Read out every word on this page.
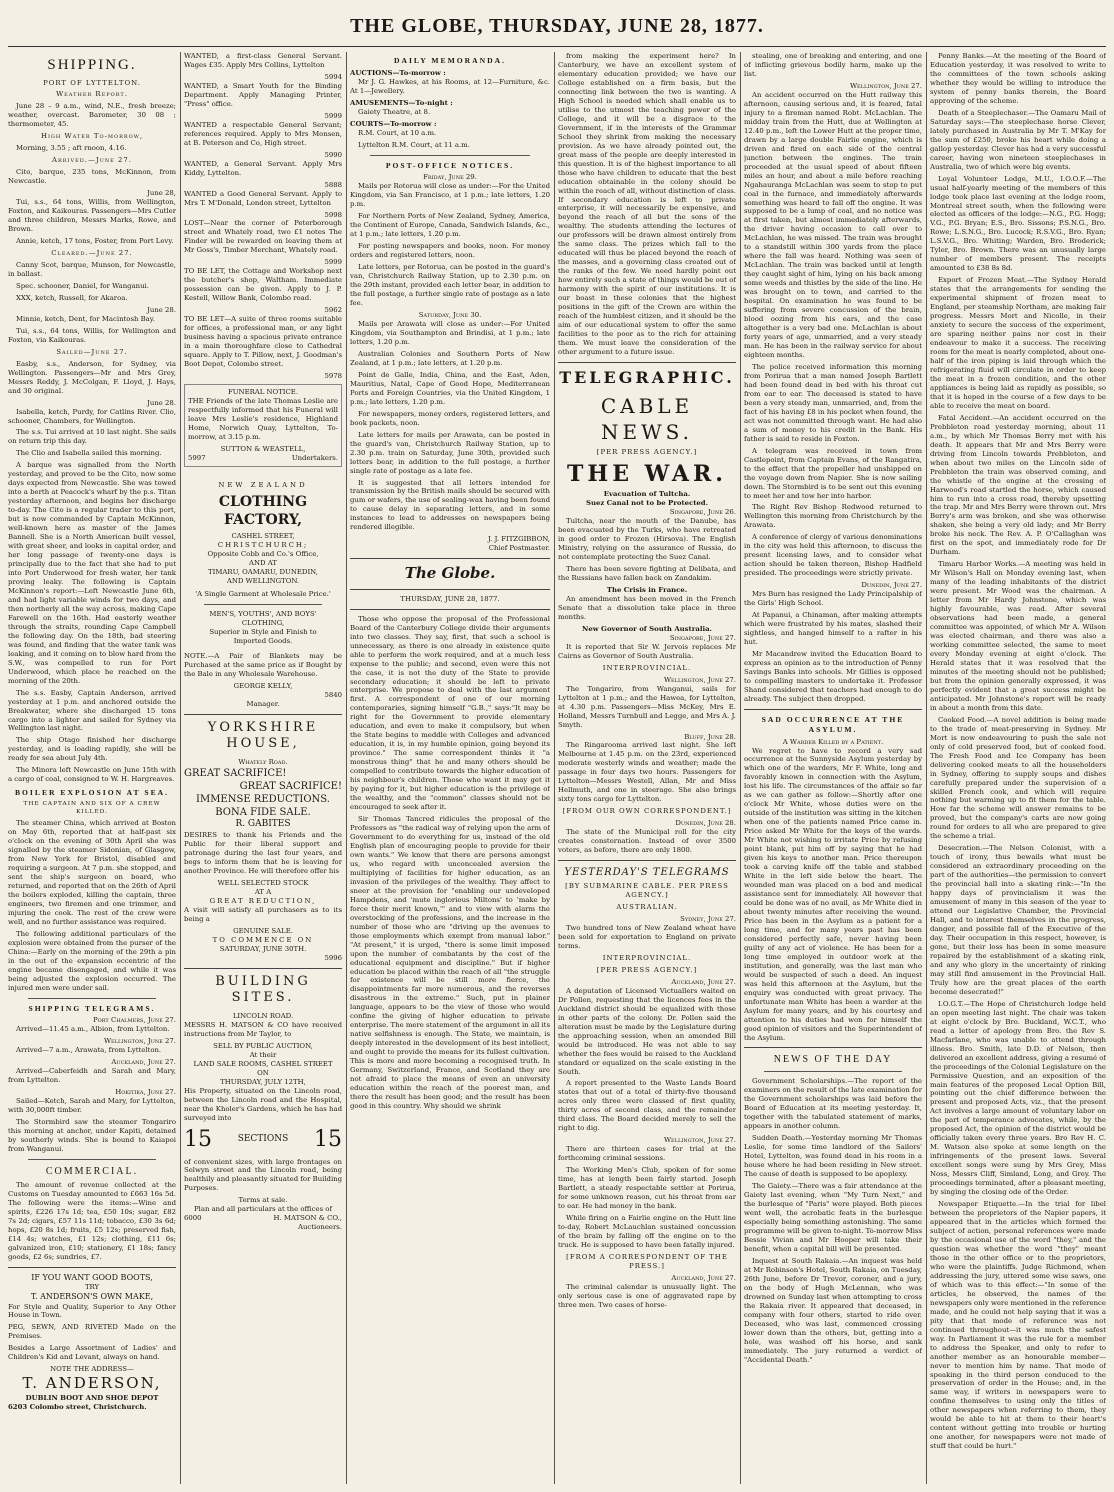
THE GLOBE, THURSDAY, JUNE 28, 1877.
SHIPPING.
PORT OF LYTTELTON.
Weather Report.

June 28 – 9 a.m., wind, N.E., fresh breeze; weather, overcast. Barometer, 30 08 ; thermometer, 45.

High Water To-morrow,

Morning, 3.55 ; aft rnoon, 4.16.

Arrived.—June 27.

Cito, barque, 235 tons, McKinnon, from Newcastle.

June 28,

Tui, s.s., 64 tons, Willis, from Wellington, Foxton, and Kaikouras. Passengers—Mrs Cutler and three children, Messrs Marks, Rowe, and Brown.

Annie, ketch, 17 tons, Foster, from Port Levy.

Cleared.—June 27.

Canny Scot, barque, Munson, for Newcastle, in ballast.

Spec. schooner, Daniel, for Wanganui.

XXX, ketch, Russell, for Akaroa.

June 28.

Minnie, ketch, Dent, for Macintosh Bay.

Tui, s.s., 64 tons, Willis, for Wellington and Foxton, via Kaikouras.

Sailed—June 27.

Easby, s.s., Anderson, for Sydney, via Wellington. Passengers—Mr and Mrs Grey, Messrs Reddy, J. McColgan, F. Lloyd, J. Hays, and 30 original.

June 28.

Isabella, ketch, Purdy, for Catlins River. Clio, schooner, Chambers, for Wellington.

The s.s. Tui arrived at 10 last night. She sails on return trip this day.

The Clio and Isabella sailed this morning.

A barque was signalled from the North yesterday, and proved to be the Cito, now some days expected from Newcastle. She was towed into a berth at Peacock's wharf by the p.s. Titan yesterday afternoon, and begins her discharge to-day. The Cito is a regular trader to this port, but is now commanded by Captain McKinnon, well-known here as master of the James Bannell. She is a North American built vessel, with great sheer, and looks in capital order, and her long passage of twenty-one days is principally due to the fact that she had to put into Port Underwood for fresh water, her tank proving leaky. The following is Captain McKinnon's report:—Left Newcastle June 6th, and had light variable winds for two days, and then northerly all the way across, making Cape Farewell on the 16th. Had easterly weather through the straits, rounding Cape Campbell the following day. On the 18th, bad steering was found, and finding that the water tank was leaking, and it coming on to blow hard from the S.W., was compelled to run for Port Underwood, which place he reached on the morning of the 20th.

The s.s. Easby, Captain Anderson, arrived yesterday at 1 p.m. and anchored outside the Breakwater, where she discharged 15 tons cargo into a lighter and sailed for Sydney via Wellington last night.

The ship Otago finished her discharge yesterday, and is loading rapidly, she will be ready for sea about July 4th.

The Minora left Newcastle on June 15th with a cargo of coal, consigned to W. H. Hargreaves.

BOILER EXPLOSION AT SEA.
THE CAPTAIN AND SIX OF A CREW KILLED.

The steamer China, which arrived at Boston on May 6th, reported that at half-past six o'clock on the evening of 30th April she was signalled by the steamer Sidonian, of Glasgow, from New York for Bristol, disabled and requiring a surgeon. At 7 p.m. she stopped, and sent the ship's surgeon on board, who returned, and reported that on the 26th of April the boilers exploded, killing the captain, three engineers, two firemen and one trimmer, and injuring the cook. The rest of the crew were well, and no further assistance was required.

The following additional particulars of the explosion were obtained from the purser of the China:—Early on the morning of the 29th a pin in the out of the expansion eccentric of the engine became disengaged, and while it was being adjusted the explosion occurred. The injured men were under sail.

SHIPPING TELEGRAMS.
Port Chalmers, June 27.

Arrived—11.45 a.m., Albion, from Lyttelton.

Wellington, June 27.

Arrived—7 a.m., Arawata, from Lyttelton.

Auckland, June 27.

Arrived—Caberfeidh and Sarah and Mary, from Lyttelton.

Hokitika, June 27.

Sailed—Ketch, Sarah and Mary, for Lyttelton, with 30,000ft timber.

The Stormbird saw the steamer Tongariro this morning at anchor, under Kapiti, detained by southerly winds. She is bound to Kaiapoi from Wanganui.

COMMERCIAL.

The amount of revenue collected at the Customs on Tuesday amounted to £663 16s 5d. The following were the items:—Wine and spirits, £226 17s 1d; tea, £50 10s; sugar, £82 7s 2d; cigars, £57 11s 11d; tobacco, £30 3s 6d; hops, £20 8s 1d; fruits, £5 12s; preserved fish, £14 4s; watches, £1 12s; clothing, £11 6s; galvanized iron, £10; stationery, £1 18s; fancy goods, £2 6s; sundries, £7.

IF YOU WANT GOOD BOOTS,
TRY
T. ANDERSON'S OWN MAKE,

For Style and Quality, Superior to Any Other House in Town.

PEG, SEWN, AND RIVETED Made on the Premises.

Besides a Large Assortment of Ladies' and Children's Kid and Levant, always on hand.

NOTE THE ADDRESS—
T. ANDERSON,
DUBLIN BOOT AND SHOE DEPOT
6203 Colombo street, Christchurch.

WANTED, a first-class General Servant. Wages £35. Apply Mrs Collins, Lyttelton

5994

WANTED, a Smart Youth for the Binding Department. Apply Managing Printer, "Press" office.

5999

WANTED a respectable General Servant; references required. Apply to Mrs Monsen, at B. Peterson and Co, High street.

5990

WANTED, a General Servant. Apply Mrs Kiddy, Lyttelton.

5888

WANTED a Good General Servant. Apply to Mrs T. M'Donald, London street, Lyttelton

5998

LOST—Near the corner of Peterborough street and Whately road, two £1 notes The Finder will be rewarded on leaving them at Mr Goss's, Timber Merchant, Whately road.

5999

TO BE LET, the Cottage and Workshop next the butcher's shop, Waltham. Immediate possession can be given. Apply to J. P. Kestell, Willow Bank, Colombo road.

5962

TO BE LET—A suite of three rooms suitable for offices, a professional man, or any light business having a spacious private entrance in a main thoroughfare close to Cathedral square. Apply to T. Pillow, next, J. Goodman's Boot Depot, Colombo street.

5978
FUNERAL NOTICE.

THE Friends of the late Thomas Leslie are respectfully informed that his Funeral will leave Mrs Leslie's residence, Highland Home, Norwich Quay, Lyttelton, To-morrow, at 3.15 p.m.

SUTTON & WEASTELL,
5997	Undertakers.
NEW ZEALAND
CLOTHING FACTORY,
CASHEL STREET,
CHRISTCHURCH;
Opposite Cobb and Co.'s Office,
AND AT
TIMARU, OAMARU, DUNEDIN,
AND WELLINGTON.
'A Single Garment at Wholesale Price.'
MEN'S, YOUTHS', AND BOYS'
CLOTHING,
Superior in Style and Finish to
Imported Goods.

NOTE.—A Pair of Blankets may be Purchased at the same price as if Bought by the Bale in any Wholesale Warehouse.

GEORGE KELLY,
5840
Manager.
YORKSHIRE HOUSE,
Whately Road.
GREAT SACRIFICE!
GREAT SACRIFICE!
IMMENSE REDUCTIONS.
BONA FIDE SALE.
R. GABITES

DESIRES to thank his Friends and the Public for their liberal support and patronage during the last four years, and begs to inform them that he is leaving for another Province. He will therefore offer his

WELL SELECTED STOCK
AT A
GREAT REDUCTION,

A visit will satisfy all purchasers as to its being a

GENUINE SALE.
TO COMMENCE ON
SATURDAY, JUNE 30TH.
5996
BUILDING SITES.
LINCOLN ROAD.

MESSRS H. MATSON & CO have received instructions from Mr Taylor, to

SELL BY PUBLIC AUCTION,
At their
LAND SALE ROOMS, CASHEL STREET
ON
THURSDAY, JULY 12TH,

His Property, situated on the Lincoln road, between the Lincoln road and the Hospital, near the Kholer's Gardens, which he has had surveyed into

15	SECTIONS 15

of convenient sizes, with large frontages on Selwyn street and the Lincoln road, being healthily and pleasantly situated for Building Purposes.

Terms at sale.
Plan and all particulars at the offices of
6000	H. MATSON & CO.,
Auctioneers.
DAILY MEMORANDA.
AUCTIONS—To-morrow :

Mr J. G. Hawkes, at his Rooms, at 12—Furniture, &c. At 1—Jewellery.

AMUSEMENTS—To-night :

Gaiety Theatre, at 8.

COURTS—To-morrow :

R.M. Court, at 10 a.m.

Lyttelton R.M. Court, at 11 a.m.

POST-OFFICE NOTICES.
Friday, June 29.

Mails per Rotorua will close as under:—For the United Kingdom, via San Francisco, at 1 p.m.; late letters, 1.20 p.m.

For Northern Ports of New Zealand, Sydney, America, the Continent of Europe, Canada, Sandwich Islands, &c., at 1 p.m.; late letters, 1.20 p.m.

For posting newspapers and books, noon. For money orders and registered letters, noon.

Late letters, per Rotorua, can be posted in the guard's van, Christchurch Railway Station, up to 2.30 p.m. on the 29th instant, provided each letter bear, in addition to the full postage, a further single rate of postage as a late fee.

Saturday, June 30.

Mails per Arawata will close as under:—For United Kingdom, via Southampton and Brindisi, at 1 p.m.; late letters, 1.20 p.m.

Australian Colonies and Southern Ports of New Zealand, at 1 p.m.; late letters, at 1.20 p.m.

Point de Galle, India, China, and the East, Aden, Mauritius, Natal, Cape of Good Hope, Mediterranean Ports and Foreign Countries, via the United Kingdom, 1 p.m.; late letters, 1.20 p.m.

For newspapers, money orders, registered letters, and book packets, noon.

Late letters for mails per Arawata, can be posted in the guard's van, Christchurch Railway Station, up to 2.30 p.m. train on Saturday, June 30th, provided such letters bear, in addition to the full postage, a further single rate of postage as a late fee.

It is suggested that all letters intended for transmission by the British mails should be secured with gum or wafers, the use of sealing-wax having been found to cause delay in separating letters, and in some instances to lead to addresses on newspapers being rendered illegible.

J. J. FITZGIBBON,
Chief Postmaster.
The Globe.
THURSDAY, JUNE 28, 1877.

Those who oppose the proposal of the Professional Board of the Canterbury College divide their arguments into two classes. They say, first, that such a school is unnecessary, as there is one already in existence quite able to perform the work required, and at a much less expense to the public; and second, even were this not the case, it is not the duty of the State to provide secondary education; it should be left to private enterprise. We propose to deal with the last argument first. A correspondent of one of our morning contemporaries, signing himself "G.B.," says:"It may be right for the Government to provide elementary education, and even to make it compulsory, but when the State begins to meddle with Colleges and advanced education, it is, in my humble opinion, going beyond its province." The same correspondent thinks it "a monstrous thing" that he and many others should be compelled to contribute towards the higher education of his neighbour's children. Those who want it may get it by paying for it, but higher education is the privilege of the wealthy, and the "common" classes should not be encouraged to seek after it.

Sir Thomas Tancred ridicules the proposal of the Professors as "the radical way of relying upon the arm of Government to do everything for us, instead of the old English plan of encouraging people to provide for their own wants." We know that there are persons amongst us, who regard with unconcealed aversion the multiplying of facilities for higher education, as an invasion of the privileges of the wealthy. They affect to sneer at the provision for "enabling our undeveloped Hampdens, and 'mute inglorious Miltons' to 'make by force their merit known,'" and to view with alarm the overstocking of the professions, and the increase in the number of those who are "driving up the avenues to those employments which exempt from manual labor." "At present," it is urged, "there is some limit imposed upon the number of combatants by the cost of the educational equipment and discipline." But if higher education be placed within the reach of all "the struggle for existence will be still more fierce, the disappointments far more numerous, and the reverses disastrous in the extreme." Such, put in plainer language, appears to be the view of those who would confine the giving of higher education to private enterprise. The mere statement of the argument in all its native selfishness is enough. The State, we maintain, is deeply interested in the development of its best intellect, and ought to provide the means for its fullest cultivation. This is more and more becoming a recognised truth. In Germany, Switzerland, France, and Scotland they are not afraid to place the means of even an university education within the reach of the poorest man, and there the result has been good; and the result has been good in this country. Why should we shrink

from making the experiment here? In Canterbury, we have an excellent system of elementary education provided; we have our College established on a firm basis, but the connecting link between the two is wanting. A High School is needed which shall enable us to utilise to the utmost the teaching power of the College, and it will be a disgrace to the Government, if in the interests of the Grammar School they shrink from making the necessary provision. As we have already pointed out, the great mass of the people are deeply interested in this question. It is of the highest importance to all those who have children to educate that the best education obtainable in the colony should be within the reach of all, without distinction of class. If secondary education is left to private enterprise, it will necessarily be expensive, and beyond the reach of all but the sons of the wealthy. The students attending the lectures of our professors will be drawn almost entirely from the same class. The prizes which fall to the educated will thus be placed beyond the reach of the masses, and a governing class created out of the ranks of the few. We need hardly point out how entirely such a state of things would be out of harmony with the spirit of our institutions. It is our boast in these colonies that the highest positions in the gift of the Crown are within the reach of the humblest citizen, and it should be the aim of our educational system to offer the same facilities to the poor as to the rich for attaining them. We must leave the consideration of the other argument to a future issue.

TELEGRAPHIC.
CABLE NEWS.
[PER PRESS AGENCY.]
THE WAR.
Evacuation of Tultcha.
Suez Canal not to be Protected.
Singapore, June 26.

Tultcha, near the mouth of the Danube, has been evacuated by the Turks, who have retreated in good order to Frozen (Hirsova). The English Ministry, relying on the assurance of Russia, do not contemplate protecting the Suez Canal.

There has been severe fighting at Delibata, and the Russians have fallen back on Zandakim.

The Crisis in France.

An amendment has been moved in the French Senate that a dissolution take place in three months.

New Governor of South Australia.
Singapore, June 27.

It is reported that Sir W. Jervois replaces Mr Cairns as Governor of South Australia.

INTERPROVINCIAL.
Wellington, June 27.

The Tongariro, from Wanganui, sails for Lyttelton at 1 p.m.; and the Hawea, for Lyttelton, at 4.30 p.m. Passengers—Miss McKey, Mrs E. Holland, Messrs Turnbull and Legge, and Mrs A. J. Smyth.

Bluff, June 28.

The Ringarooma arrived last night. She left Melbourne at 1.45 p.m. on the 23rd, experienced moderate westerly winds and weather; made the passage in four days two hours. Passengers for Lyttelton—Messrs Westell, Allan, Mr and Miss Hellmuth, and one in steerage. She also brings sixty tons cargo for Lyttelton.

[FROM OUR OWN CORRESPONDENT.]
Dunedin, June 28.

The state of the Municipal roll for the city creates consternation. Instead of over 3500 voters, as before, there are only 1800.

YESTERDAY'S TELEGRAMS
[BY SUBMARINE CABLE. PER PRESS AGENCY.]
AUSTRALIAN.
Sydney, June 27.

Two hundred tons of New Zealand wheat have been sold for exportation to England on private terms.

INTERPROVINCIAL.
[PER PRESS AGENCY.]
Auckland, June 27.

A deputation of Licensed Victuallers waited on Dr Pollen, requesting that the licences fees in the Auckland district should be equalized with those in other parts of the colony. Dr. Pollen said the alteration must be made by the Legislature during the approaching session, when an amended Bill would be introduced. He was not able to say whether the fees would be raised to the Auckland standard or equalized on the scale existing in the South.

A report presented to the Waste Lands Board states that out of a total of thirty-five thousand acres only three were classed of first quality, thirty acres of second class, and the remainder third class. The Board decided merely to sell the right to dig.

Wellington, June 27.

There are thirteen cases for trial at the forthcoming criminal sessions.

The Working Men's Club, spoken of for some time, has at length been fairly started. Joseph Bartlett, a steady respectable settler at Porirua, for some unknown reason, cut his throat from ear to ear. He had money in the bank.

While firing on a Fairlie engine on the Hutt line to-day, Robert McLauchlan sustained concussion of the brain by falling off the engine on to the truck. He is supposed to have been fatally injured.

[FROM A CORRESPONDENT OF THE PRESS.]
Auckland, June 27.

The criminal calendar is unusually light. The only serious case is one of aggravated rape by three men. Two cases of horse-

stealing, one of breaking and entering, and one of inflicting grievous bodily harm, make up the list.

Wellington, June 27.

An accident occurred on the Hutt railway this afternoon, causing serious and, it is feared, fatal injury to a fireman named Robt. McLachlan. The midday train from the Hutt, due at Wellington at 12.40 p.m., left the Lower Hutt at the proper time, drawn by a large double Fairlie engine, which is driven and fired on each side of the central junction between the engines. The train proceeded at the usual speed of about fifteen miles an hour, and about a mile before reaching Ngahauranga McLachlan was seem to stop to put coal in the furnace, and immediately afterwards something was heard to fall off the engine. It was supposed to be a lump of coal, and no notice was at first taken, but almost immediately afterwards, the driver having occasion to call over to McLachlan, he was missed. The train was brought to a standstill within 300 yards from the place where the fall was heard. Nothing was seen of McLachlan. The train was backed until at length they caught sight of him, lying on his back among some weeds and thistles by the side of the line. He was brought on to town, and carried to the hospital. On examination he was found to be suffering from severe concussion of the brain, blood oozing from his ears, and the case altogether is a very bad one. McLachlan is about forty years of age, unmarried, and a very steady man. He has been in the railway service for about eighteen months.

The police received information this morning from Porirua that a man named Joseph Bartlett had been found dead in bed with his throat cut from ear to ear. The deceased is stated to have been a very steady man, unmarried, and, from the fact of his having £8 in his pocket when found, the act was not committed through want. He had also a sum of money to his credit in the Bank. His father is said to reside in Foxton.

A telegram was received in town from Castlepoint, from Captain Evans, of the Rangatira, to the effect that the propeller had unshipped on the voyage down from Napier. She is now sailing down. The Stormbird is to be sent out this evening to meet her and tow her into harbor.

The Right Rev Bishop Redwood returned to Wellington this morning from Christchurch by the Arawata.

A conference of clergy of various denominations in the city was held this afternoon, to discuss the present licensing laws, and to consider what action should be taken thereon, Bishop Hadfield presided. The proceedings were strictly private.

Dunedin, June 27.

Mrs Burn has resigned the Lady Principalship of the Girls' High School.

At Papanui, a Chinaman, after making attempts which were frustrated by his mates, slashed their sightless, and hanged himself to a rafter in his hut.

Mr Macandrew invited the Education Board to express an opinion as to the introduction of Penny Savings Banks into schools. Mr Gillies is opposed to compelling masters to undertake it. Professor Shand considered that teachers had enough to do already. The subject then dropped.

SAD OCCURRENCE AT THE ASYLUM.
A Warder Killed by a Patient.

We regret to have to record a very sad occurrence at the Sunnyside Asylum yesterday by which one of the warders, Mr F. White, long and favorably known in connection with the Asylum, lost his life. The circumstances of the affair so far as we can gather as follow:—Shortly after one o'clock Mr White, whose duties were on the outside of the institution was sitting in the kitchen when one of the patients named Price came in. Price asked Mr White for the keys of the wards. Mr White not wishing to irritate Price by refusing point blank, put him off by saying that he had given his keys to another man. Price thereupon took a carving knife off the table and stabbed White in the left side below the heart. The wounded man was placed on a bed and medical assistance sent for immediately. All however that could be done was of no avail, as Mr White died in about twenty minutes after receiving the wound. Price has been in the Asylum as a patient for a long time, and for many years past has been considered perfectly safe, never having been guilty of any act of violence. He has been for a long time employed in outdoor work at the institution, and generally, was the last man who would be suspected of such a deed. An inquest was held this afternoon at the Asylum, but the enquiry was conducted with great privacy. The unfortunate man White has been a warder at the Asylum for many years, and by his courtesy and attention to his duties had won for himself the good opinion of visitors and the Superintendent of the Asylum.

NEWS OF THE DAY

Government Scholarships.—The report of the examiners on the result of the late examination for the Government scholarships was laid before the Board of Education at its meeting yesterday. It, together with the tabulated statement of marks, appears in another column.

Sudden Death.—Yesterday morning Mr Thomas Leslie, for some time landlord of the Sailors' Hotel, Lyttelton, was found dead in his room in a house where he had been residing in New street. The cause of death is supposed to be apoplexy.

The Gaiety.—There was a fair attendance at the Gaiety last evening, when "My Turn Next," and the burlesque of "Paris" were played. Both pieces went well, the acrobatic feats in the burlesque especially being something astonishing. The same programme will be given to-night. To-morrow Miss Bessie Vivian and Mr Hooper will take their benefit, when a capital bill will be presented.

Inquest at South Rakaia.—An inquest was held at Mr Robinson's Hotel, South Rakaia, on Tuesday, 26th June, before Dr Trevor, coroner, and a jury, on the body of Hugh McLennan, who was drowned on Sunday last when attempting to cross the Rakaia river. It appeared that deceased, in company with four others, started to ride over. Deceased, who was last, commenced crossing lower down than the others, but, getting into a hole, was washed off his horse, and sank immediately. The jury returned a verdict of "Accidental Death."

Penny Banks.—At the meeting of the Board of Education yesterday, it was resolved to write to the committees of the town schools asking whether they would be willing to introduce the system of penny banks therein, the Board approving of the scheme.

Death of a Steeplechaser.—The Oamaru Mail of Saturday says:—The steeplechase horse Clever, lately purchased in Australia by Mr T. M'Kay for the sum of £250, broke his heart while doing a gallop yesterday. Clever has had a very successful career, having won nineteen steeplechases in Australia, two of which were big events.

Loyal Volunteer Lodge, M.U., I.O.O.F.—The usual half-yearly meeting of the members of this lodge took place last evening at the lodge room, Montreal street south, when the following were elected as officers of the lodge:—N.G., P.G. Hogg; V.G., P.G. Bryan; E.S., Bro. Sissons; P.S.N.G., Bro. Rowe; L.S.N.G., Bro. Lucock; R.S.V.G., Bro. Ryan; L.S.V.G., Bro. Whiting; Warden, Bro. Broderick; Tyler, Bro. Brown. There was an unusually large number of members present. The receipts amounted to £38 8s 8d.

Export of Frozen Meat.—The Sydney Herald states that the arrangements for sending the experimental shipment of frozen meat to England, per steamship Northam, are making fair progress. Messrs Mort and Nicolle, in their anxiety to secure the success of the experiment, are sparing neither pains nor cost in their endeavour to make it a success. The receiving room for the meat is nearly completed, about one-half of the iron piping is laid through which the refrigerating fluid will circulate in order to keep the meat in a frozen condition, and the other appliances is being laid as rapidly as possible, so that it is hoped in the course of a few days to be able to receive the meat on board.

Fatal Accident.—An accident occurred on the Prebbleton road yesterday morning, about 11 a.m., by which Mr Thomas Berry met with his death. It appears that Mr and Mrs Berry were driving from Lincoln towards Prebbleton, and when about two miles on the Lincoln side of Prebbleton the train was observed coming, and the whistle of the engine at the crossing of Harwood's road startled the horse, which caused him to run into a cross road, thereby upsetting the trap. Mr and Mrs Berry were thrown out. Mrs Berry's arm was broken, and she was otherwise shaken, she being a very old lady; and Mr Berry broke his neck. The Rev. A. P. O'Callaghan was first on the spot, and immediately rode for Dr Durham.

Timaru Harbor Works.—A meeting was held in Mr Wilson's Hall on Monday evening last, when many of the leading inhabitants of the district were present. Mr Wood was the chairman. A letter from Mr Hardy Johnstone, which was highly favourable, was read. After several observations had been made, a general committee was appointed, of which Mr A. Wilson was elected chairman, and there was also a working committee selected, the same to meet every Monday evening at eight o'clock. The Herald states that it was resolved that the minutes of the meeting should not be published; but from the opinion generally expressed, it was perfectly evident that a great success might be anticipated. Mr Johnstone's report will be ready in about a month from this date.

Cooked Food.—A novel addition is being made to the trade of meat-preserving in Sydney. Mr Mort is now endeavouring to push the sale not only of cold preserved food, but of cooked food. The Fresh Food and Ice Company has been delivering cooked meats to all the householders in Sydney, offering to supply soups and dishes carefully prepared under the supervision of a skilled French cook, and which will require nothing but warming up to fit them for the table. How far the scheme will answer remains to be proved, but the company's carts are now going round for orders to all who are prepared to give the scheme a trial.

Desecration.—The Nelson Colonist, with a touch of irony, thus bewails what must be considered an extraordinary proceeding on the part of the authorities—the permission to convert the provincial hall into a skating rink:—"In the happy days of provincialism it was the amusement of many in this season of the year to attend our Legislative Chamber, the Provincial Hall, and to interest themselves in the progress, danger, and possible fall of the Executive of the day. Their occupation in this respect, however, is gone, but their loss has been in some measure repaired by the establishment of a skating rink, and any who glory in the uncertainty of rinking may still find amusement in the Provincial Hall. Truly how are the great places of the earth become desecrated!"

I.O.G.T.—The Hope of Christchurch lodge held an open meeting last night. The chair was taken at eight o'clock by Bro. Buckland, W.C.T., who read a letter of apology from Bro. the Rev S. Macfarlane, who was unable to attend through illness. Bro. Smith, late D.D. of Nelson, then delivered an excellent address, giving a resumé of the proceedings of the Colonial Legislature on the Permissive Question, and an exposition of the main features of the proposed Local Option Bill, pointing out the chief difference between the present and proposed Acts, viz., that the present Act involves a large amount of voluntary labor on the part of temperance advocates, while, by the proposed Act, the opinion of the district would be officially taken every three years. Bro Rev H. C. M. Watson also spoke at some length on the infringements of the present laws. Several excellent songs were sung by Mrs Grey, Miss Noss, Messrs Cliff, Simland, Long, and Grey. The proceedings terminated, after a pleasant meeting, by singing the closing ode of the Order.

Newspaper Etiquette.—In the trial for libel between the proprietors of the Napier papers, it appeared that in the articles which formed the subject of action, personal references were made by the occasional use of the word "they," and the question was whether the word "they" meant those in the other office or to the proprietors, who were the plaintiffs. Judge Richmond, when addressing the jury, uttered some wise saws, one of which was to this effect:—"In some of the articles, he observed, the names of the newspapers only were mentioned in the reference made, and he could not help saying that it was a pity that that mode of reference was not continued throughout—it was much the safest way. In Parliament it was the rule for a member to address the Speaker, and only to refer to another member as an honourable member—never to mention him by name. That mode of speaking in the third person conduced to the preservation of order in the House; and, in the same way, if writers in newspapers were to confine themselves to using only the titles of other newspapers when referring to them, they would be able to hit at them to their heart's content without getting into trouble or hurting one another, for newspapers were not made of stuff that could be hurt."
